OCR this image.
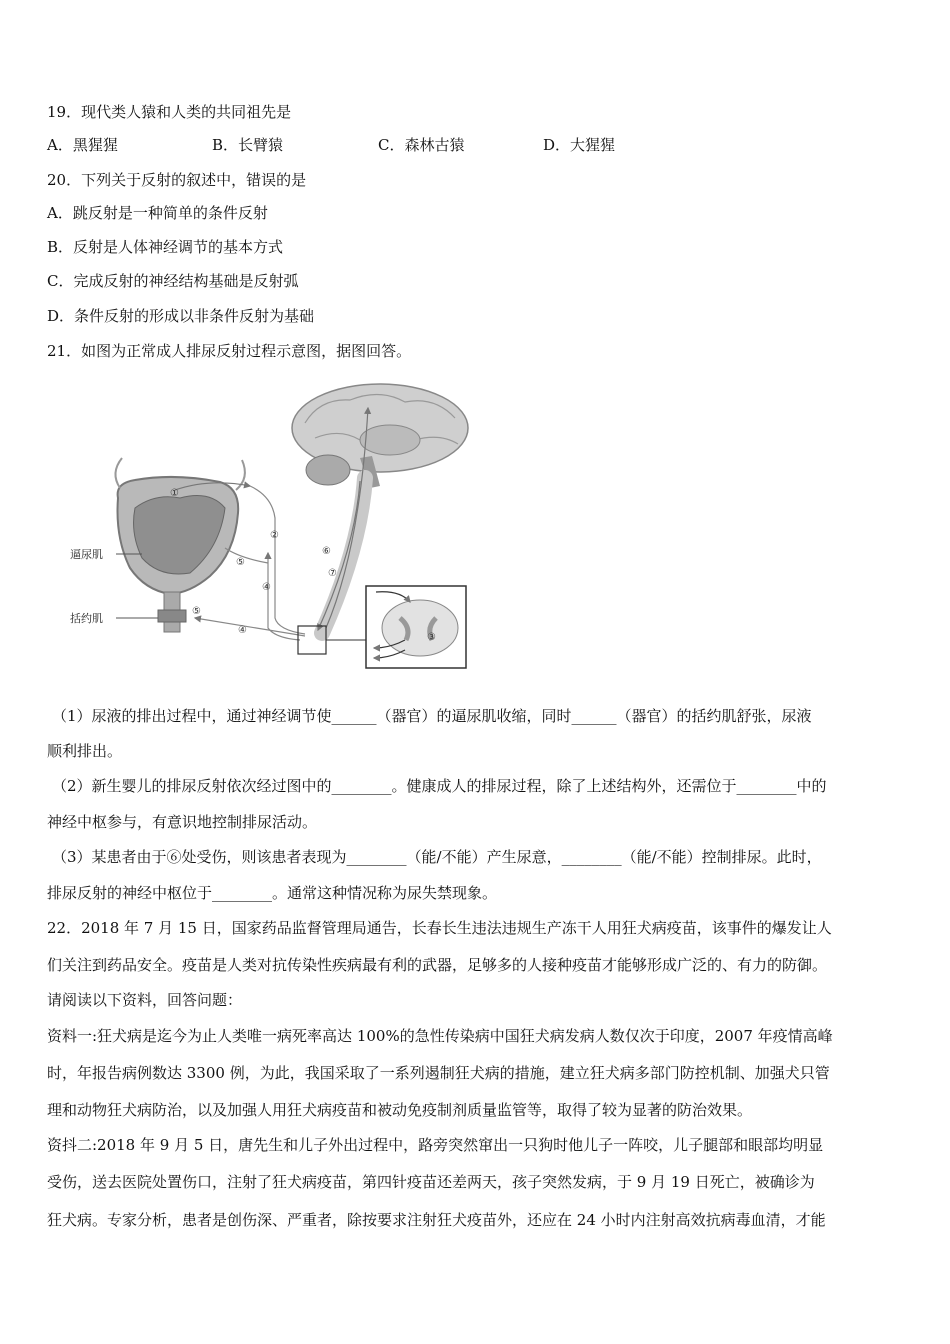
19．现代类人猿和人类的共同祖先是
A．黑猩猩	B．长臂猿	C．森林古猿	D．大猩猩
20．下列关于反射的叙述中，错误的是
A．跳反射是一种简单的条件反射
B．反射是人体神经调节的基本方式
C．完成反射的神经结构基础是反射弧
D．条件反射的形成以非条件反射为基础
21．如图为正常成人排尿反射过程示意图，据图回答。
逼尿肌
括约肌
①
②
③
④
⑤
⑥
⑦
④
⑤
（1）尿液的排出过程中，通过神经调节使______（器官）的逼尿肌收缩，同时______（器官）的括约肌舒张，尿液
顺利排出。
（2）新生婴儿的排尿反射依次经过图中的________。健康成人的排尿过程，除了上述结构外，还需位于________中的
神经中枢参与，有意识地控制排尿活动。
（3）某患者由于⑥处受伤，则该患者表现为________（能/不能）产生尿意，________（能/不能）控制排尿。此时，
排尿反射的神经中枢位于________。通常这种情况称为尿失禁现象。
22．2018 年 7 月 15 日，国家药品监督管理局通告，长春长生违法违规生产冻干人用狂犬病疫苗，该事件的爆发让人
们关注到药品安全。疫苗是人类对抗传染性疾病最有利的武器，足够多的人接种疫苗才能够形成广泛的、有力的防御。
请阅读以下资料，回答问题：
资料一:狂犬病是迄今为止人类唯一病死率高达 100%的急性传染病中国狂犬病发病人数仅次于印度，2007 年疫情高峰
时，年报告病例数达 3300 例，为此，我国采取了一系列遏制狂犬病的措施，建立狂犬病多部门防控机制、加强犬只管
理和动物狂犬病防治，以及加强人用狂犬病疫苗和被动免疫制剂质量监管等，取得了较为显著的防治效果。
资抖二:2018 年 9 月 5 日，唐先生和儿子外出过程中，路旁突然窜出一只狗时他儿子一阵咬，儿子腿部和眼部均明显
受伤，送去医院处置伤口，注射了狂犬病疫苗，第四针疫苗还差两天，孩子突然发病，于 9 月 19 日死亡，被确诊为
狂犬病。专家分析，患者是创伤深、严重者，除按要求注射狂犬疫苗外，还应在 24 小时内注射高效抗病毒血清，才能
